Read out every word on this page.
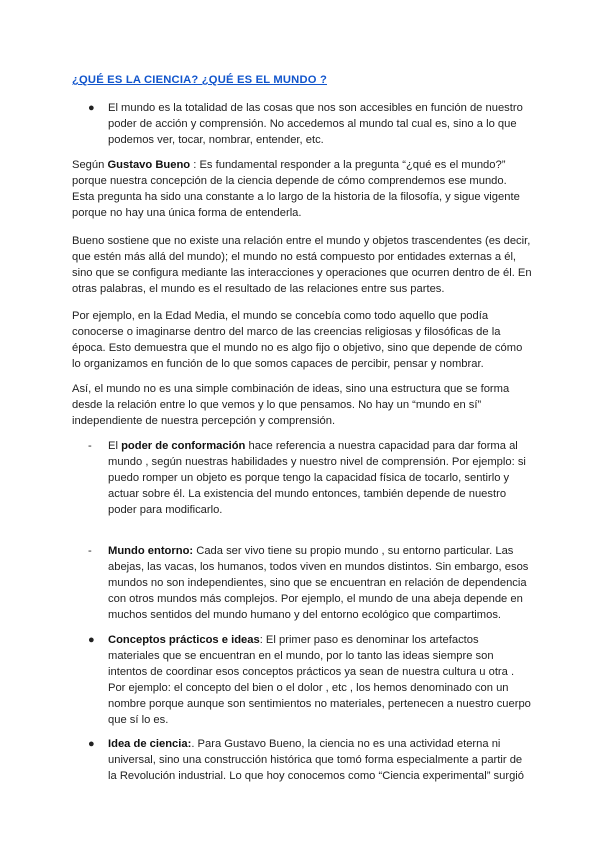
¿QUÉ ES LA CIENCIA? ¿QUÉ ES EL MUNDO ?
●	El mundo es la totalidad de las cosas que nos son accesibles en función de nuestro poder de acción y comprensión. No accedemos al mundo tal cual es, sino a lo que podemos ver, tocar, nombrar, entender, etc.

Según Gustavo Bueno : Es fundamental responder a la pregunta “¿qué es el mundo?” porque nuestra concepción de la ciencia depende de cómo comprendemos ese mundo. Esta pregunta ha sido una constante a lo largo de la historia de la filosofía, y sigue vigente porque no hay una única forma de entenderla.

Bueno sostiene que no existe una relación entre el mundo y objetos trascendentes (es decir, que estén más allá del mundo); el mundo no está compuesto por entidades externas a él, sino que se configura mediante las interacciones y operaciones que ocurren dentro de él. En otras palabras, el mundo es el resultado de las relaciones entre sus partes.

Por ejemplo, en la Edad Media, el mundo se concebía como todo aquello que podía conocerse o imaginarse dentro del marco de las creencias religiosas y filosóficas de la época. Esto demuestra que el mundo no es algo fijo o objetivo, sino que depende de cómo lo organizamos en función de lo que somos capaces de percibir, pensar y nombrar.

Así, el mundo no es una simple combinación de ideas, sino una estructura que se forma desde la relación entre lo que vemos y lo que pensamos. No hay un “mundo en sí” independiente de nuestra percepción y comprensión.

-	El poder de conformación hace referencia a nuestra capacidad para dar forma al mundo , según nuestras habilidades y nuestro nivel de comprensión. Por ejemplo: si puedo romper un objeto es porque tengo la capacidad física de tocarlo, sentirlo y actuar sobre él. La existencia del mundo entonces, también depende de nuestro poder para modificarlo.

-	Mundo entorno: Cada ser vivo tiene su propio mundo , su entorno particular. Las abejas, las vacas, los humanos, todos viven en mundos distintos. Sin embargo, esos mundos no son independientes, sino que se encuentran en relación de dependencia con otros mundos más complejos. Por ejemplo, el mundo de una abeja depende en muchos sentidos del mundo humano y del entorno ecológico que compartimos.

●	Conceptos prácticos e ideas: El primer paso es denominar los artefactos materiales que se encuentran en el mundo, por lo tanto las ideas siempre son intentos de coordinar esos conceptos prácticos ya sean de nuestra cultura u otra . Por ejemplo: el concepto del bien o el dolor , etc , los hemos denominado con un nombre porque aunque son sentimientos no materiales, pertenecen a nuestro cuerpo que sí lo es.

●	Idea de ciencia:. Para Gustavo Bueno, la ciencia no es una actividad eterna ni universal, sino una construcción histórica que tomó forma especialmente a partir de la Revolución industrial. Lo que hoy conocemos como “Ciencia experimental” surgió
